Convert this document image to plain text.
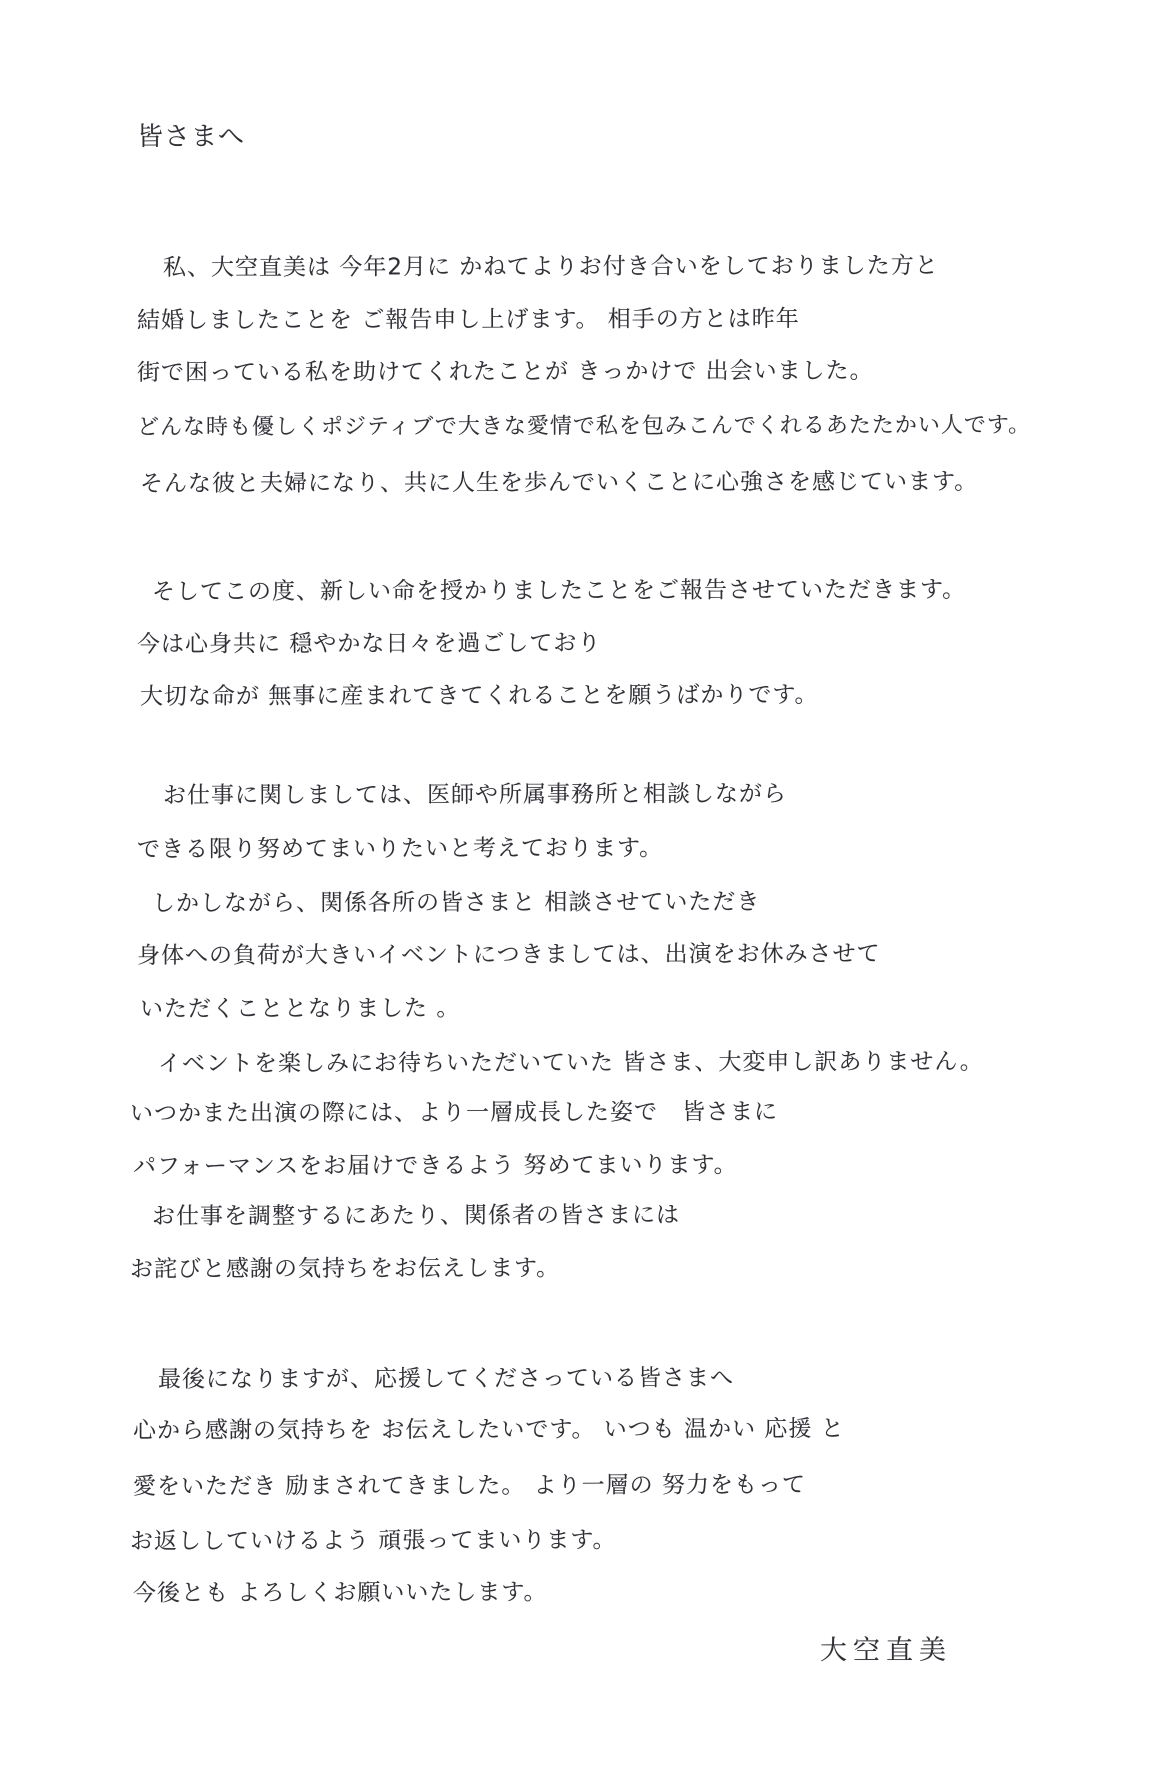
皆さまへ
私、大空直美は 今年2月に かねてよりお付き合いをしておりました方と
結婚しましたことを ご報告申し上げます。 相手の方とは昨年
街で困っている私を助けてくれたことが きっかけで 出会いました。
どんな時も優しくポジティブで大きな愛情で私を包みこんでくれるあたたかい人です。
そんな彼と夫婦になり、共に人生を歩んでいくことに心強さを感じています。
そしてこの度、新しい命を授かりましたことをご報告させていただきます。
今は心身共に 穏やかな日々を過ごしており
大切な命が 無事に産まれてきてくれることを願うばかりです。
お仕事に関しましては、医師や所属事務所と相談しながら
できる限り努めてまいりたいと考えております。
しかしながら、関係各所の皆さまと 相談させていただき
身体への負荷が大きいイベントにつきましては、出演をお休みさせて
いただくこととなりました 。
イベントを楽しみにお待ちいただいていた 皆さま、大変申し訳ありません。
いつかまた出演の際には、より一層成長した姿で　皆さまに
パフォーマンスをお届けできるよう 努めてまいります。
お仕事を調整するにあたり、関係者の皆さまには
お詫びと感謝の気持ちをお伝えします。
最後になりますが、応援してくださっている皆さまへ
心から感謝の気持ちを お伝えしたいです。 いつも 温かい 応援 と
愛をいただき 励まされてきました。 より一層の 努力をもって
お返ししていけるよう 頑張ってまいります。
今後とも よろしくお願いいたします。
大空直美
